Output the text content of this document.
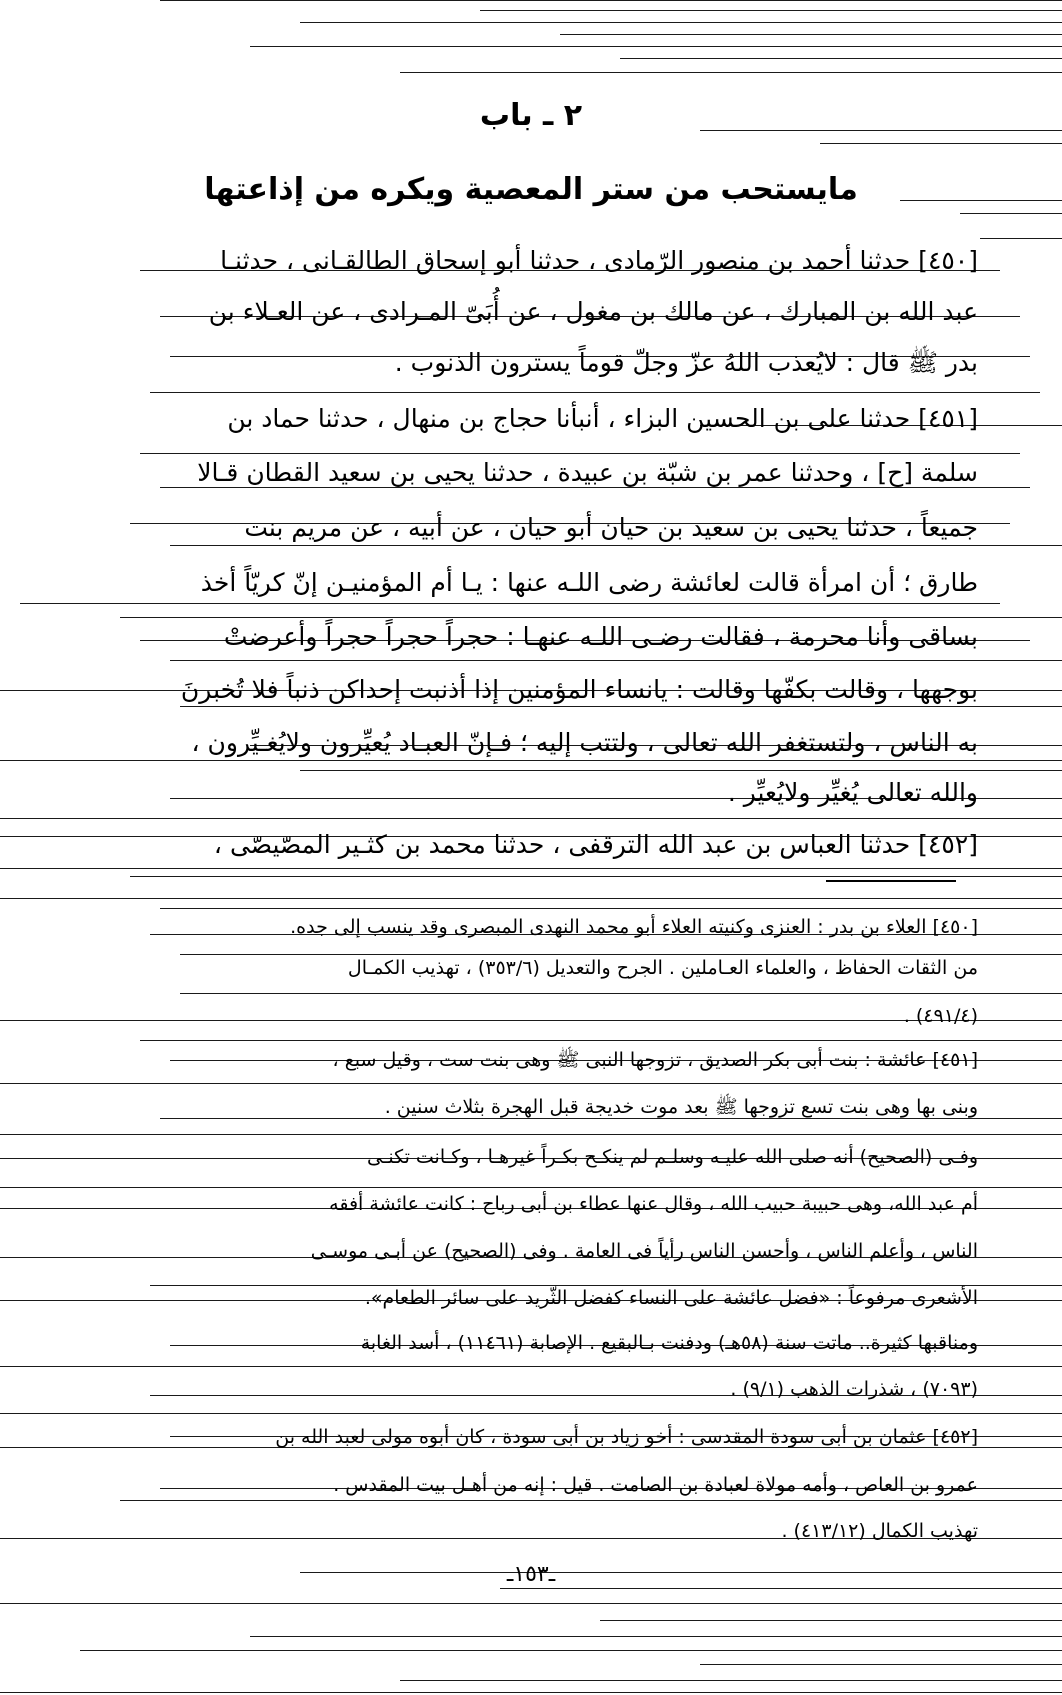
٢ ـ باب
مايستحب من ستر المعصية ويكره من إذاعتها
[٤٥٠] حدثنا أحمد بن منصور الرّمادى ، حدثنا أبو إسحاق الطالقـانى ، حدثنـا
عبد الله بن المبارك ، عن مالك بن مغول ، عن أُبَىّ المـرادى ، عن العـلاء بن
بدر ﷺ قال : لايُعذب اللهُ عزّ وجلّ قوماً يسترون الذنوب .
[٤٥١] حدثنا على بن الحسين البزاء ، أنبأنا حجاج بن منهال ، حدثنا حماد بن
سلمة [ح] ، وحدثنا عمر بن شبّة بن عبيدة ، حدثنا يحيى بن سعيد القطان قـالا
جميعاً ، حدثنا يحيى بن سعيد بن حيان أبو حيان ، عن أبيه ، عن مريم بنت
طارق ؛ أن امرأة قالت لعائشة رضى اللـه عنها : يـا أم المؤمنيـن إنّ كريّاً أخذ
بساقى وأنا محرمة ، فقالت رضـى اللـه عنهـا : حجراً حجراً حجراً وأعرضتْ
بوجهها ، وقالت بكفّها وقالت : يانساء المؤمنين إذا أذنبت إحداكن ذنباً فلا تُخبرنَ
به الناس ، ولتستغفر الله تعالى ، ولتتب إليه ؛ فـإنّ العبـاد يُعيِّرون ولايُغـيِّرون ،
والله تعالى يُغيِّر ولايُعيِّر .
[٤٥٢] حدثنا العباس بن عبد الله الترقفى ، حدثنا محمد بن كثـير المصّيصّى ،
[٤٥٠] العلاء بن بدر : العنزى وكنيته العلاء أبو محمد النهدى المبصرى وقد ينسب إلى جده.
من الثقات الحفاظ ، والعلماء العـاملين . الجرح والتعديل (٣٥٣/٦) ، تهذيب الكمـال
(٤٩١/٤) .
[٤٥١] عائشة : بنت أبى بكر الصديق ، تزوجها النبى ﷺ وهى بنت ست ، وقيل سبع ،
وبنى بها وهى بنت تسع تزوجها ﷺ بعد موت خديجة قبل الهجرة بثلاث سنين .
وفـى (الصحيح) أنه صلى الله عليـه وسلـم لم ينكـح بكـراً غيرهـا ، وكـانت تكنـى
أم عبد الله، وهى حبيبة حبيب الله ، وقال عنها عطاء بن أبى رباح : كانت عائشة أفقه
الناس ، وأعلم الناس ، وأحسن الناس رأياً فى العامة . وفى (الصحيح) عن أبـى موسـى
الأشعرى مرفوعاً : «فضل عائشة على النساء كفضل الثّريد على سائر الطعام».
ومناقبها كثيرة.. ماتت سنة (٥٨هـ) ودفنت بـالبقيع . الإصابة (١١٤٦١) ، أسد الغابة
(٧٠٩٣) ، شذرات الذهب (٩/١) .
[٤٥٢] عثمان بن أبى سودة المقدسى : أخو زياد بن أبى سودة ، كان أبوه مولى لعبد الله بن
عمرو بن العاص ، وأمه مولاة لعبادة بن الصامت . قيل : إنه من أهـل بيت المقدس .
تهذيب الكمال (٤١٣/١٢) .
ـ١٥٣ـ
